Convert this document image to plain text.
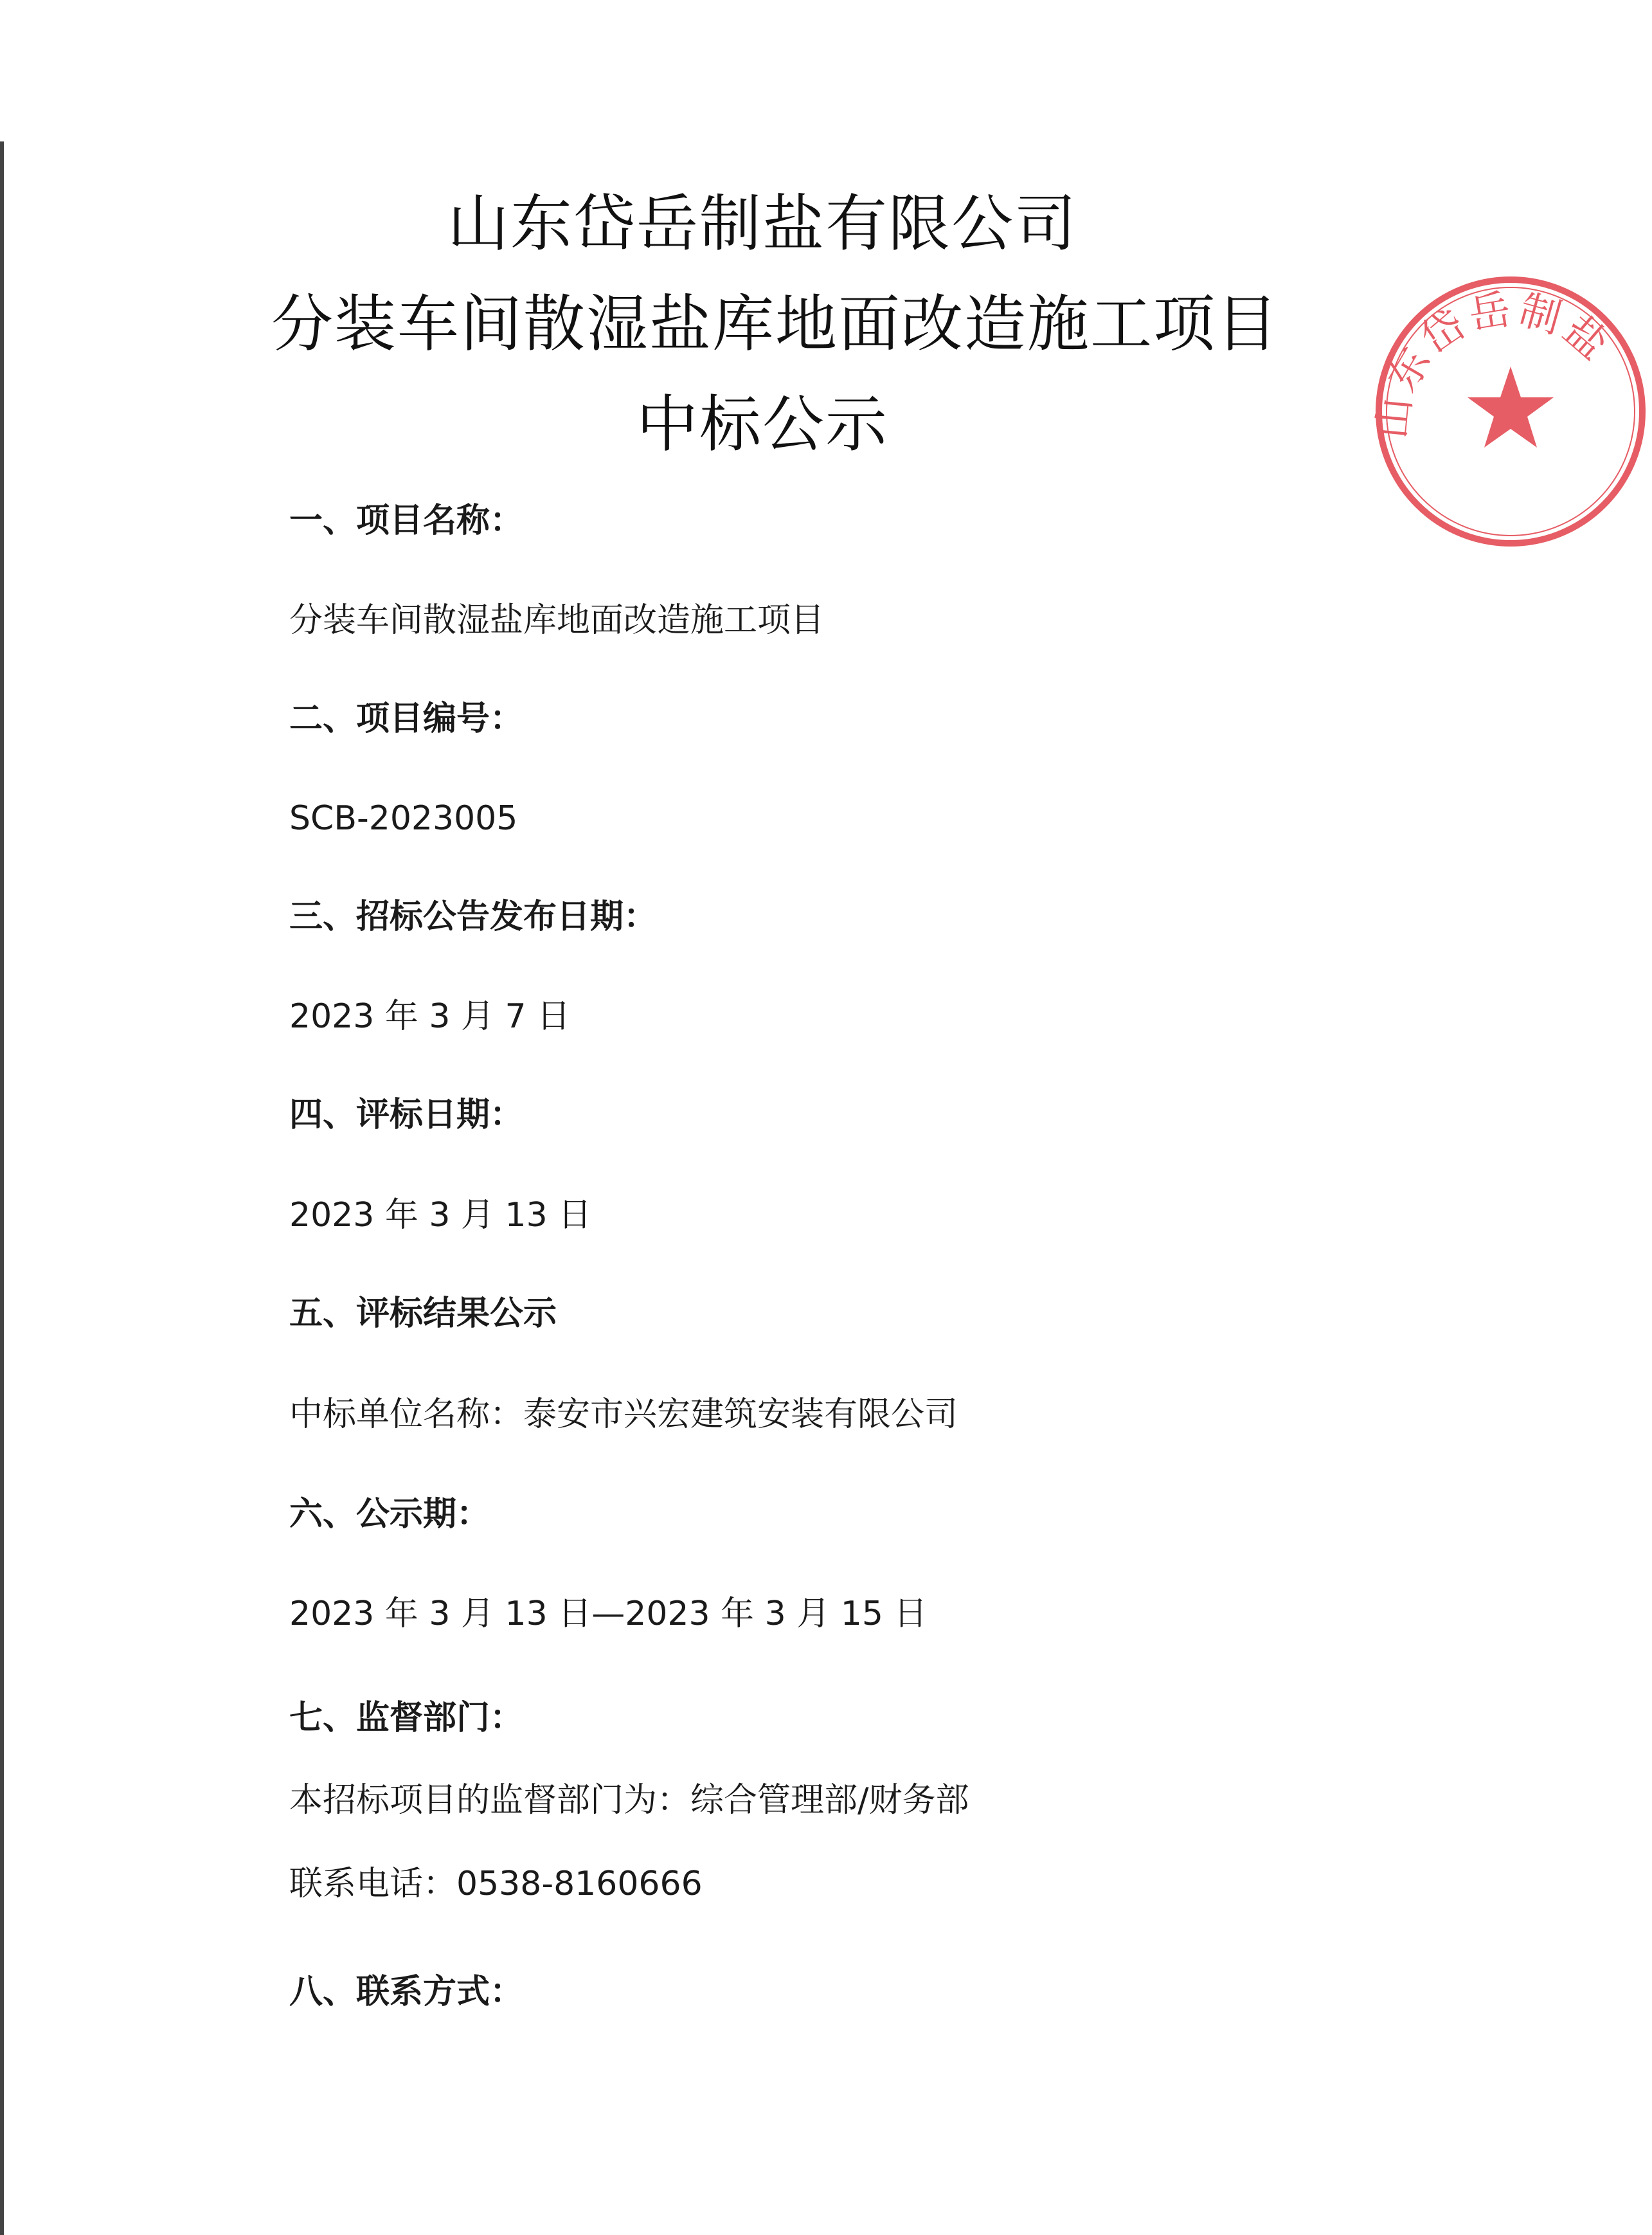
山东岱岳制盐有限公司
分装车间散湿盐库地面改造施工项目
中标公示
一、项目名称：
分装车间散湿盐库地面改造施工项目
二、项目编号：
SCB-2023005
三、招标公告发布日期：
2023 年 3 月 7 日
四、评标日期：
2023 年 3 月 13 日
五、评标结果公示
中标单位名称：泰安市兴宏建筑安装有限公司
六、公示期：
2023 年 3 月 13 日—2023 年 3 月 15 日
七、监督部门：
本招标项目的监督部门为：综合管理部/财务部
联系电话：0538-8160666
八、联系方式：
山东岱岳制盐
